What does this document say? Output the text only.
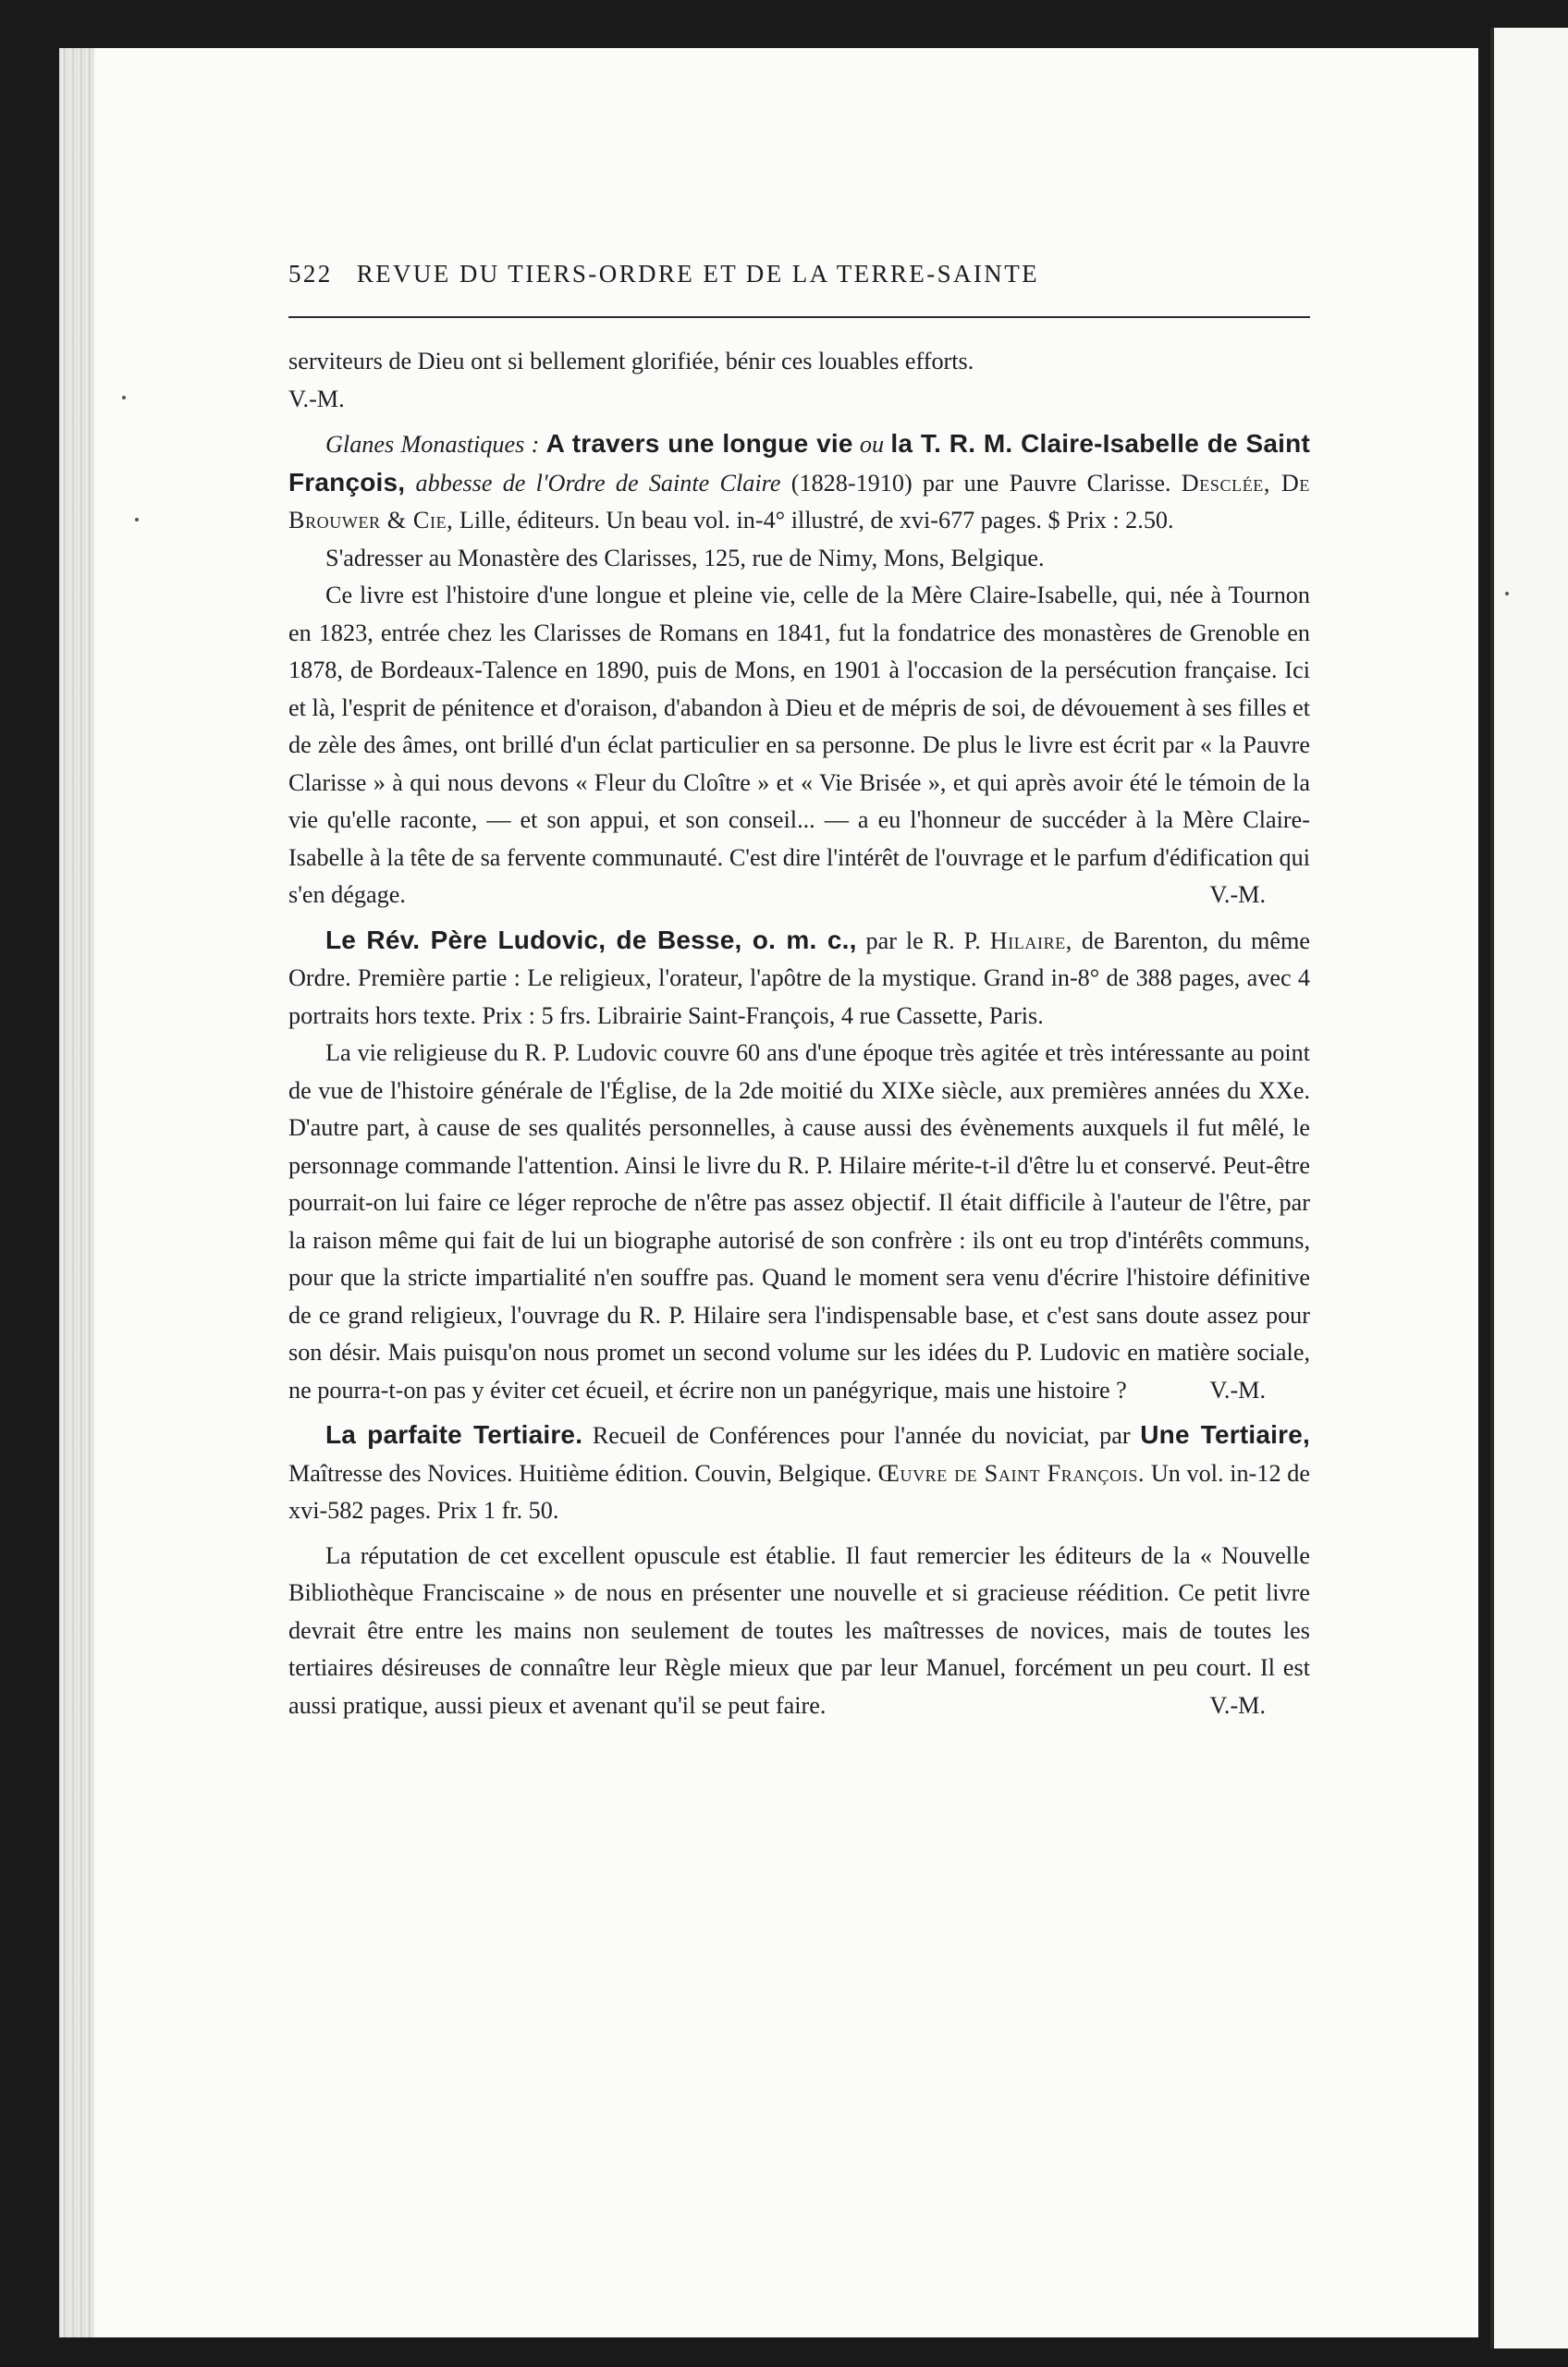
522 REVUE DU TIERS-ORDRE ET DE LA TERRE-SAINTE

serviteurs de Dieu ont si bellement glorifiée, bénir ces louables efforts.

V.-M.

Glanes Monastiques : A travers une longue vie ou la T. R. M. Claire-Isabelle de Saint François, abbesse de l'Ordre de Sainte Claire (1828-1910) par une Pauvre Clarisse. Desclée, De Brouwer & Cie, Lille, éditeurs. Un beau vol. in-4° illustré, de xvi-677 pages. $ Prix : 2.50.

S'adresser au Monastère des Clarisses, 125, rue de Nimy, Mons, Belgique.

Ce livre est l'histoire d'une longue et pleine vie, celle de la Mère Claire-Isabelle, qui, née à Tournon en 1823, entrée chez les Clarisses de Romans en 1841, fut la fondatrice des monastères de Grenoble en 1878, de Bordeaux-Talence en 1890, puis de Mons, en 1901 à l'occasion de la persécution française. Ici et là, l'esprit de pénitence et d'oraison, d'abandon à Dieu et de mépris de soi, de dévouement à ses filles et de zèle des âmes, ont brillé d'un éclat particulier en sa personne. De plus le livre est écrit par « la Pauvre Clarisse » à qui nous devons « Fleur du Cloître » et « Vie Brisée », et qui après avoir été le témoin de la vie qu'elle raconte, — et son appui, et son conseil... — a eu l'honneur de succéder à la Mère Claire-Isabelle à la tête de sa fervente communauté. C'est dire l'intérêt de l'ouvrage et le parfum d'édification qui s'en dégage.	V.-M.

Le Rév. Père Ludovic, de Besse, o. m. c., par le R. P. Hilaire, de Barenton, du même Ordre. Première partie : Le religieux, l'orateur, l'apôtre de la mystique. Grand in-8° de 388 pages, avec 4 portraits hors texte. Prix : 5 frs. Librairie Saint-François, 4 rue Cassette, Paris.

La vie religieuse du R. P. Ludovic couvre 60 ans d'une époque très agitée et très intéressante au point de vue de l'histoire générale de l'Église, de la 2de moitié du XIXe siècle, aux premières années du XXe. D'autre part, à cause de ses qualités personnelles, à cause aussi des évènements auxquels il fut mêlé, le personnage commande l'attention. Ainsi le livre du R. P. Hilaire mérite-t-il d'être lu et conservé. Peut-être pourrait-on lui faire ce léger reproche de n'être pas assez objectif. Il était difficile à l'auteur de l'être, par la raison même qui fait de lui un biographe autorisé de son confrère : ils ont eu trop d'intérêts communs, pour que la stricte impartialité n'en souffre pas. Quand le moment sera venu d'écrire l'histoire définitive de ce grand religieux, l'ouvrage du R. P. Hilaire sera l'indispensable base, et c'est sans doute assez pour son désir. Mais puisqu'on nous promet un second volume sur les idées du P. Ludovic en matière sociale, ne pourra-t-on pas y éviter cet écueil, et écrire non un panégyrique, mais une histoire ?	V.-M.

La parfaite Tertiaire. Recueil de Conférences pour l'année du noviciat, par Une Tertiaire, Maîtresse des Novices. Huitième édition. Couvin, Belgique. Œuvre de Saint François. Un vol. in-12 de xvi-582 pages. Prix 1 fr. 50.

La réputation de cet excellent opuscule est établie. Il faut remercier les éditeurs de la « Nouvelle Bibliothèque Franciscaine » de nous en présenter une nouvelle et si gracieuse réédition. Ce petit livre devrait être entre les mains non seulement de toutes les maîtresses de novices, mais de toutes les tertiaires désireuses de connaître leur Règle mieux que par leur Manuel, forcément un peu court. Il est aussi pratique, aussi pieux et avenant qu'il se peut faire.	V.-M.
